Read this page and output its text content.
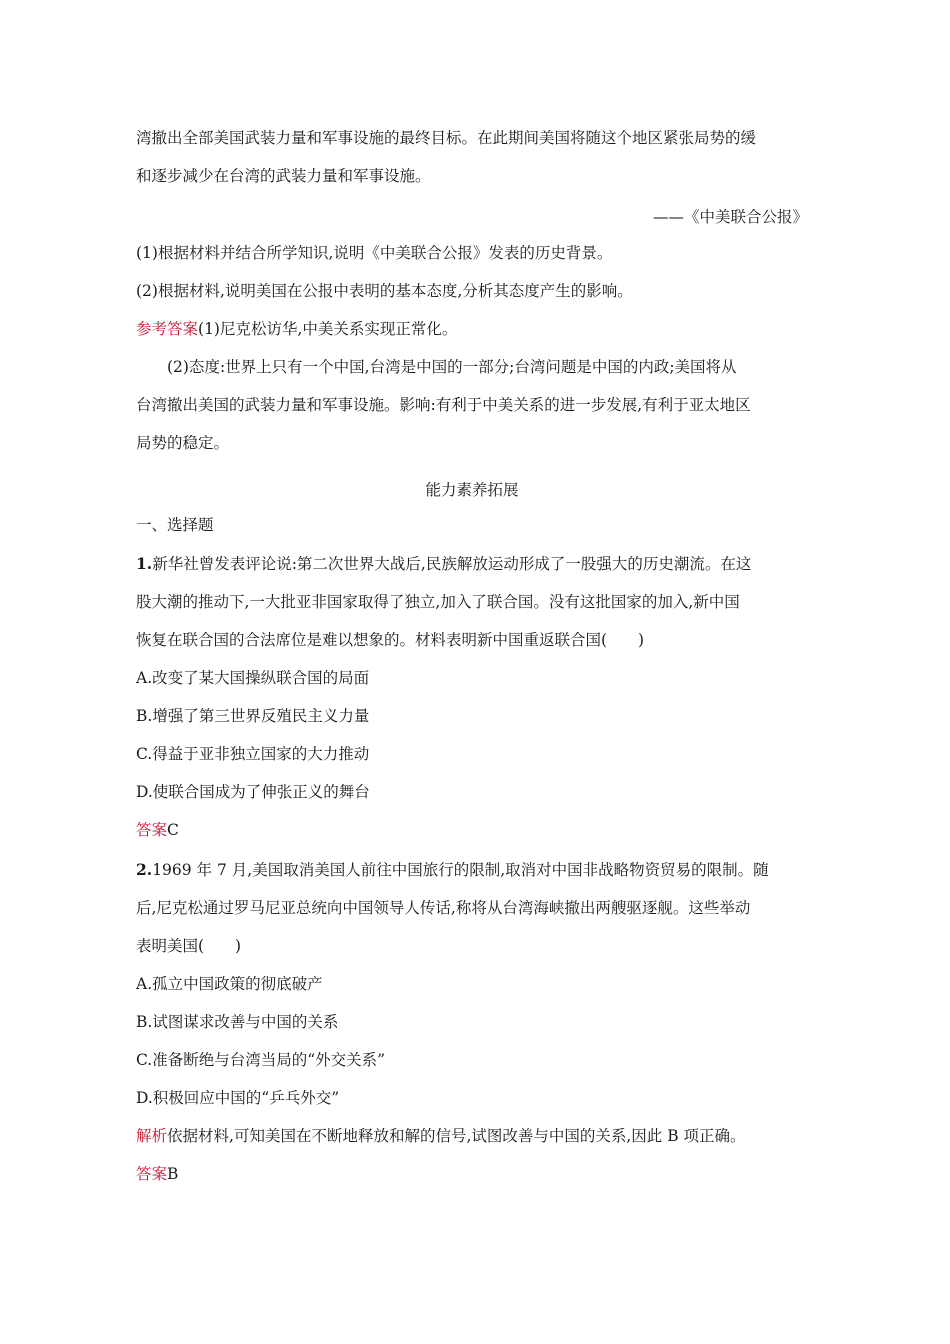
湾撤出全部美国武装力量和军事设施的最终目标。在此期间美国将随这个地区紧张局势的缓
和逐步减少在台湾的武装力量和军事设施。
——《中美联合公报》
(1)根据材料并结合所学知识,说明《中美联合公报》发表的历史背景。
(2)根据材料,说明美国在公报中表明的基本态度,分析其态度产生的影响。
参考答案(1)尼克松访华,中美关系实现正常化。
(2)态度:世界上只有一个中国,台湾是中国的一部分;台湾问题是中国的内政;美国将从
台湾撤出美国的武装力量和军事设施。影响:有利于中美关系的进一步发展,有利于亚太地区
局势的稳定。
能力素养拓展
一、选择题
1.新华社曾发表评论说:第二次世界大战后,民族解放运动形成了一股强大的历史潮流。在这
股大潮的推动下,一大批亚非国家取得了独立,加入了联合国。没有这批国家的加入,新中国
恢复在联合国的合法席位是难以想象的。材料表明新中国重返联合国(　　)
A.改变了某大国操纵联合国的局面
B.增强了第三世界反殖民主义力量
C.得益于亚非独立国家的大力推动
D.使联合国成为了伸张正义的舞台
答案C
2.1969 年 7 月,美国取消美国人前往中国旅行的限制,取消对中国非战略物资贸易的限制。随
后,尼克松通过罗马尼亚总统向中国领导人传话,称将从台湾海峡撤出两艘驱逐舰。这些举动
表明美国(　　)
A.孤立中国政策的彻底破产
B.试图谋求改善与中国的关系
C.准备断绝与台湾当局的“外交关系”
D.积极回应中国的“乒乓外交”
解析依据材料,可知美国在不断地释放和解的信号,试图改善与中国的关系,因此 B 项正确。
答案B
